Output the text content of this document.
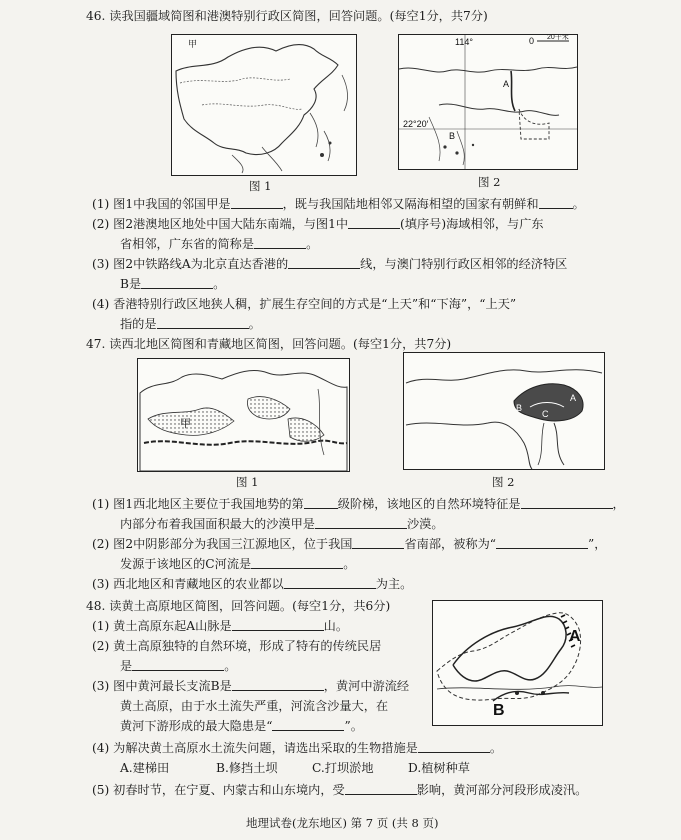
46. 读我国疆域简图和港澳特别行政区简图，回答问题。(每空1分，共7分)
甲
图 1
114°	0 20千米
22°20′
A
B
图 2
(1) 图1中我国的邻国甲是	，既与我国陆地相邻又隔海相望的国家有朝鲜和	。
(2) 图2港澳地区地处中国大陆东南端，与图1中	(填序号)海域相邻，与广东
省相邻，广东省的简称是	。
(3) 图2中铁路线A为北京直达香港的	线，与澳门特别行政区相邻的经济特区
B是	。
(4) 香港特别行政区地狭人稠，扩展生存空间的方式是“上天”和“下海”，“上天”
指的是	。
47. 读西北地区简图和青藏地区简图，回答问题。(每空1分，共7分)
甲
图 1
A
B
C
图 2
(1) 图1西北地区主要位于我国地势的第	级阶梯，该地区的自然环境特征是	，
内部分布着我国面积最大的沙漠甲是	沙漠。
(2) 图2中阴影部分为我国三江源地区，位于我国	省南部，被称为“	”，
发源于该地区的C河流是	。
(3) 西北地区和青藏地区的农业都以	为主。
48. 读黄土高原地区简图，回答问题。(每空1分，共6分)
A
B
(1) 黄土高原东起A山脉是	山。
(2) 黄土高原独特的自然环境，形成了特有的传统民居
是	。
(3) 图中黄河最长支流B是	，黄河中游流经
黄土高原，由于水土流失严重，河流含沙量大，在
黄河下游形成的最大隐患是“	”。
(4) 为解决黄土高原水土流失问题，请选出采取的生物措施是	。
A.建梯田	B.修挡土坝	C.打坝淤地	D.植树种草
(5) 初春时节，在宁夏、内蒙古和山东境内，受	影响，黄河部分河段形成凌汛。
地理试卷(龙东地区) 第 7 页 (共 8 页)
